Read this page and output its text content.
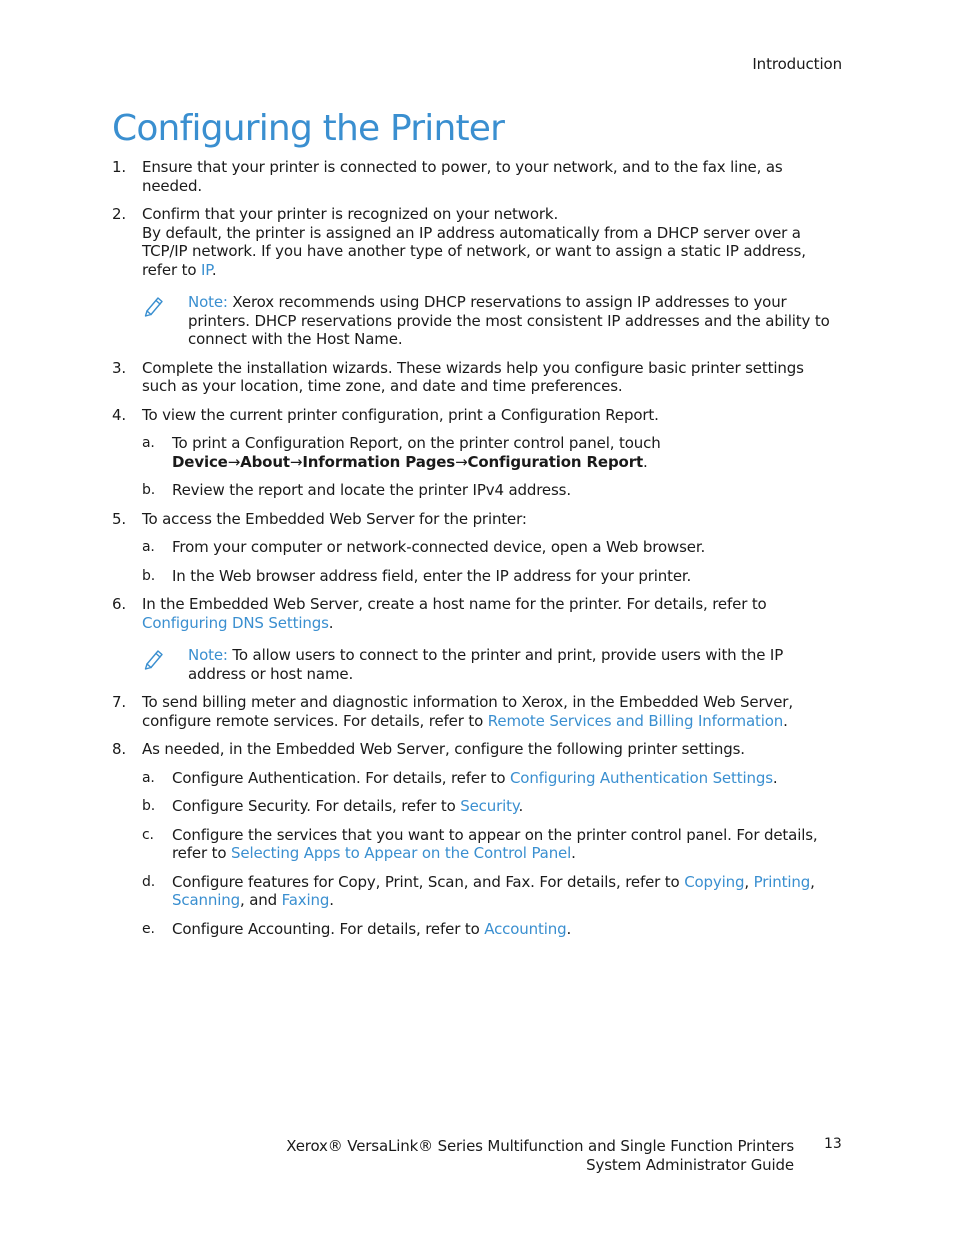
Introduction
Configuring the Printer
1. Ensure that your printer is connected to power, to your network, and to the fax line, as needed.
2. Confirm that your printer is recognized on your network.
By default, the printer is assigned an IP address automatically from a DHCP server over a TCP/IP network. If you have another type of network, or want to assign a static IP address, refer to IP.
Note: Xerox recommends using DHCP reservations to assign IP addresses to your printers. DHCP reservations provide the most consistent IP addresses and the ability to connect with the Host Name.
3. Complete the installation wizards. These wizards help you configure basic printer settings such as your location, time zone, and date and time preferences.
4. To view the current printer configuration, print a Configuration Report.
a. To print a Configuration Report, on the printer control panel, touch
Device→About→Information Pages→Configuration Report.
b. Review the report and locate the printer IPv4 address.
5. To access the Embedded Web Server for the printer:
a. From your computer or network-connected device, open a Web browser.
b. In the Web browser address field, enter the IP address for your printer.
6. In the Embedded Web Server, create a host name for the printer. For details, refer to Configuring DNS Settings.
Note: To allow users to connect to the printer and print, provide users with the IP address or host name.
7. To send billing meter and diagnostic information to Xerox, in the Embedded Web Server, configure remote services. For details, refer to Remote Services and Billing Information.
8. As needed, in the Embedded Web Server, configure the following printer settings.
a. Configure Authentication. For details, refer to Configuring Authentication Settings.
b. Configure Security. For details, refer to Security.
c. Configure the services that you want to appear on the printer control panel. For details, refer to Selecting Apps to Appear on the Control Panel.
d. Configure features for Copy, Print, Scan, and Fax. For details, refer to Copying, Printing, Scanning, and Faxing.
e. Configure Accounting. For details, refer to Accounting.
Xerox® VersaLink® Series Multifunction and Single Function Printers
System Administrator Guide
13
